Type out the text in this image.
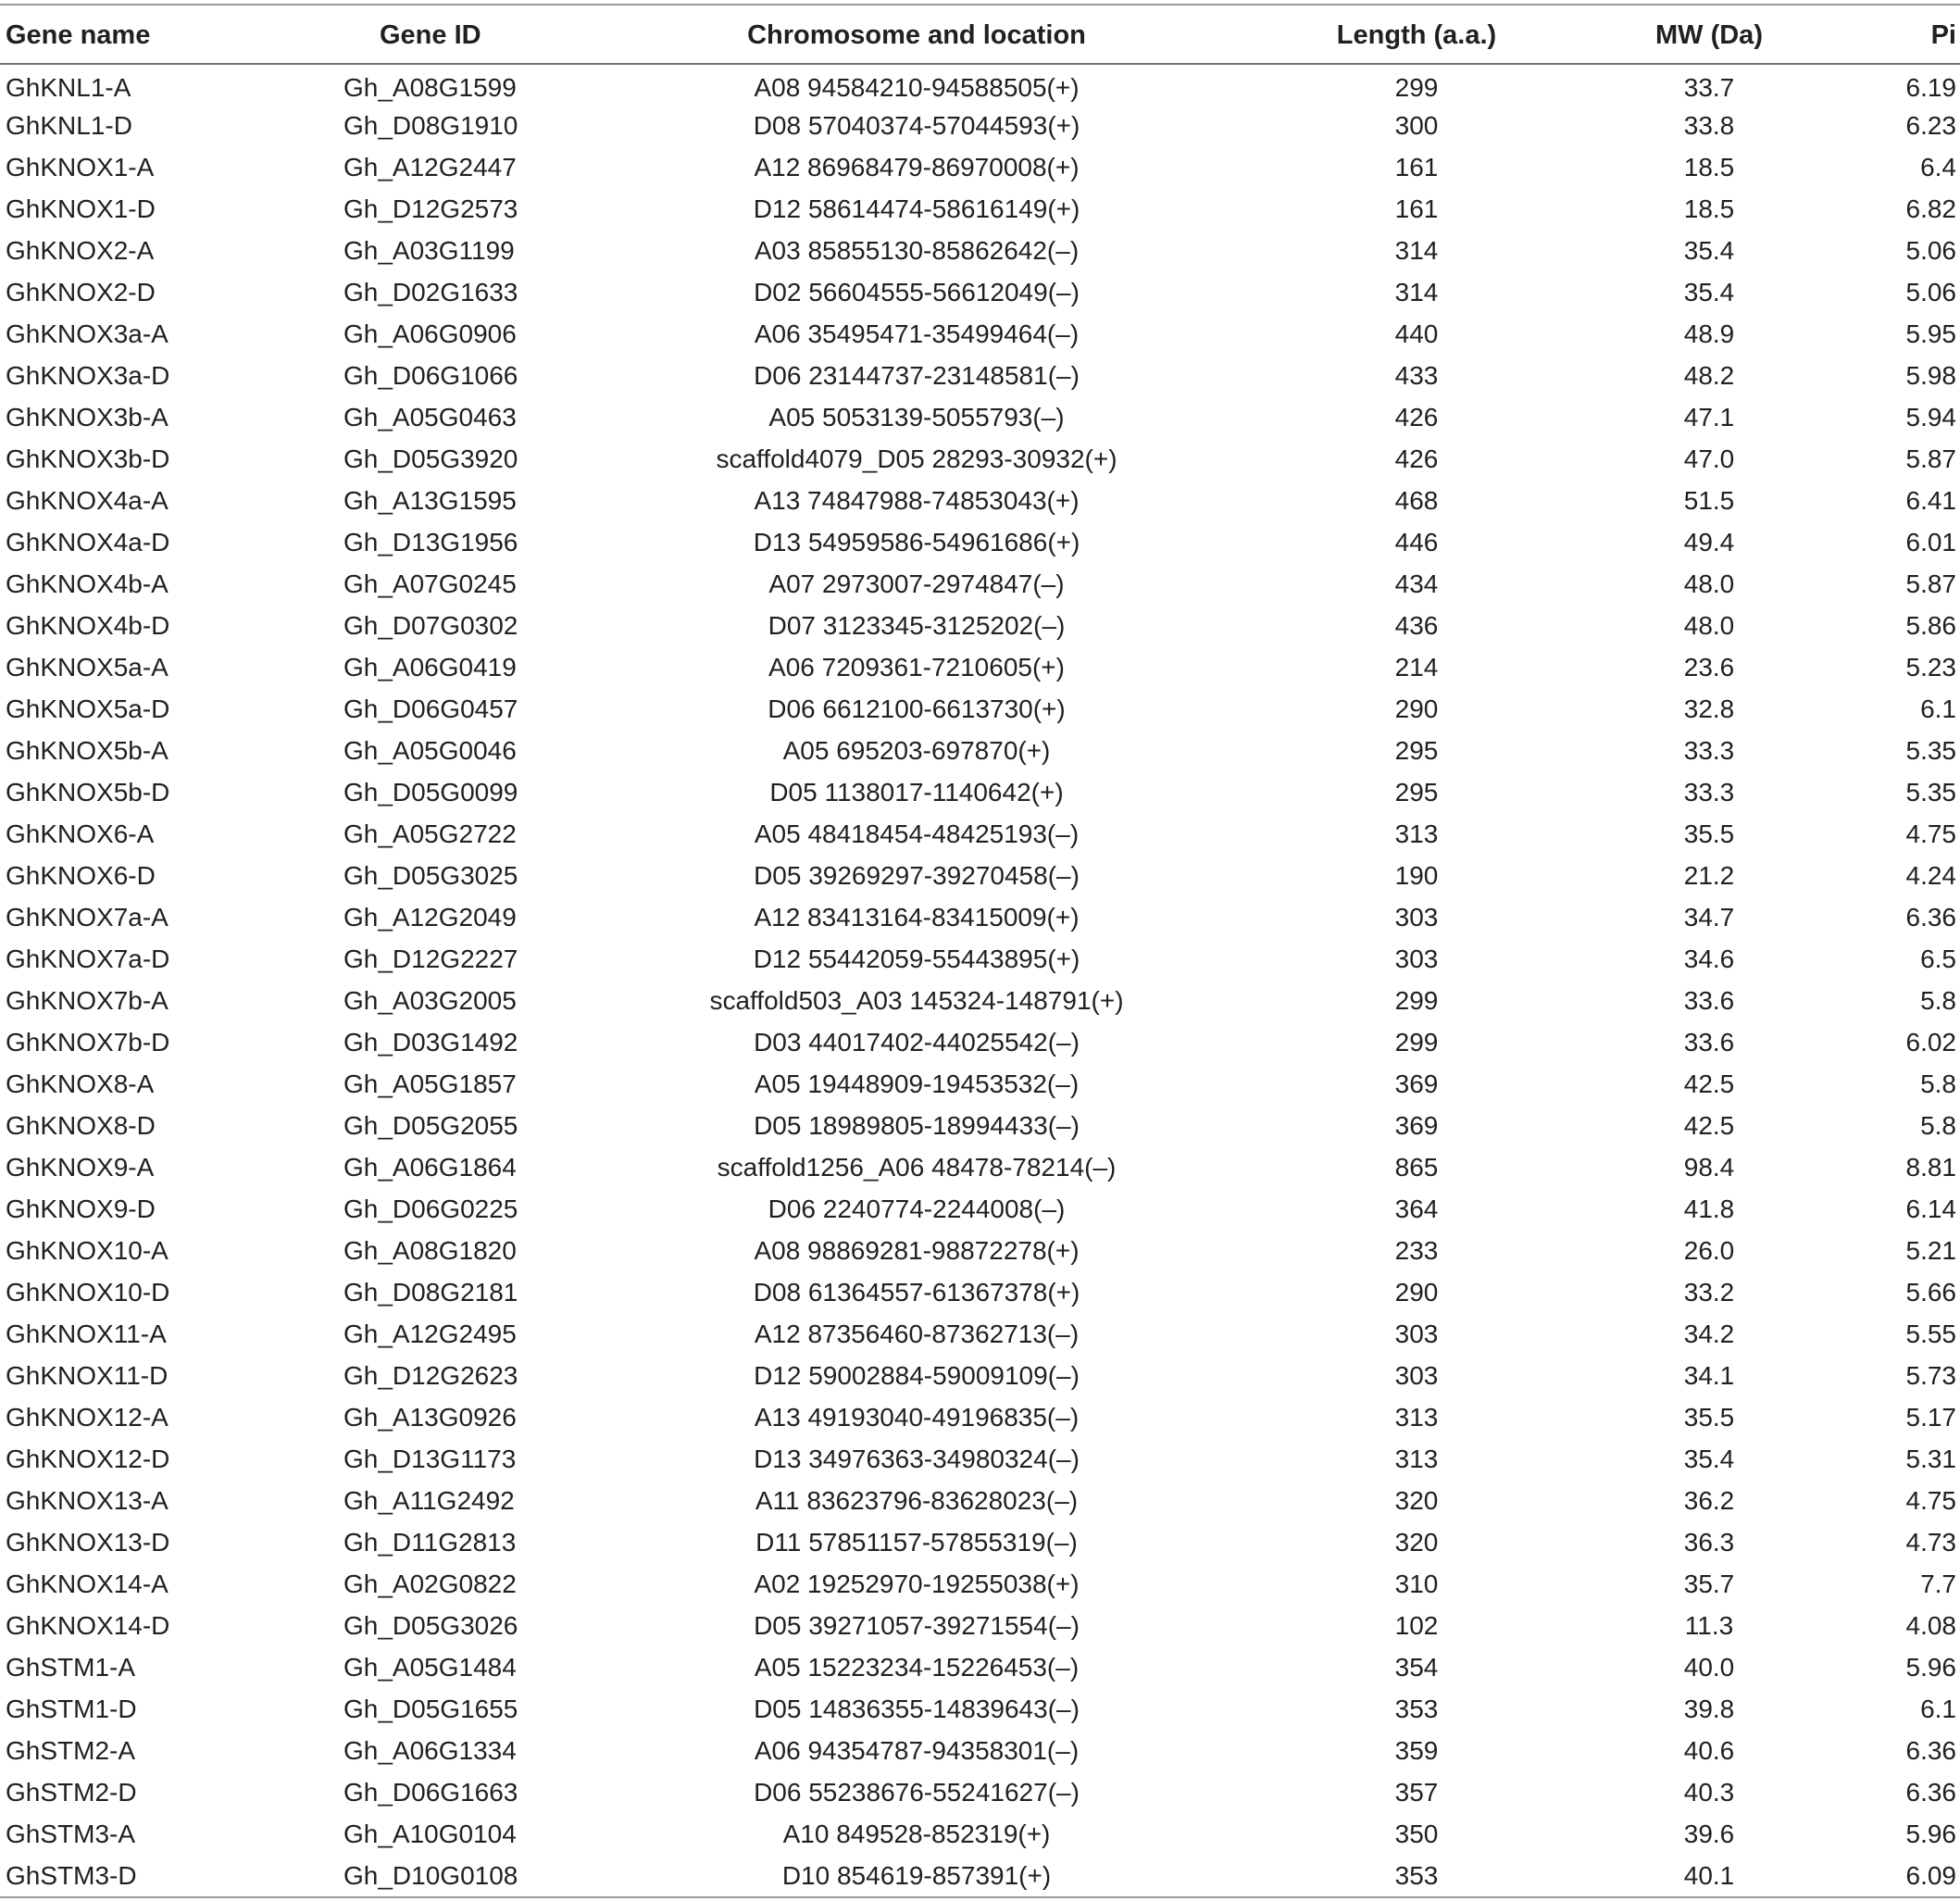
Gene name	Gene ID	Chromosome and location	Length (a.a.)	MW (Da)	Pi
GhKNL1-A	Gh_A08G1599	A08 94584210-94588505(+)	299	33.7	6.19
GhKNL1-D	Gh_D08G1910	D08 57040374-57044593(+)	300	33.8	6.23
GhKNOX1-A	Gh_A12G2447	A12 86968479-86970008(+)	161	18.5	6.4
GhKNOX1-D	Gh_D12G2573	D12 58614474-58616149(+)	161	18.5	6.82
GhKNOX2-A	Gh_A03G1199	A03 85855130-85862642(–)	314	35.4	5.06
GhKNOX2-D	Gh_D02G1633	D02 56604555-56612049(–)	314	35.4	5.06
GhKNOX3a-A	Gh_A06G0906	A06 35495471-35499464(–)	440	48.9	5.95
GhKNOX3a-D	Gh_D06G1066	D06 23144737-23148581(–)	433	48.2	5.98
GhKNOX3b-A	Gh_A05G0463	A05 5053139-5055793(–)	426	47.1	5.94
GhKNOX3b-D	Gh_D05G3920	scaffold4079_D05 28293-30932(+)	426	47.0	5.87
GhKNOX4a-A	Gh_A13G1595	A13 74847988-74853043(+)	468	51.5	6.41
GhKNOX4a-D	Gh_D13G1956	D13 54959586-54961686(+)	446	49.4	6.01
GhKNOX4b-A	Gh_A07G0245	A07 2973007-2974847(–)	434	48.0	5.87
GhKNOX4b-D	Gh_D07G0302	D07 3123345-3125202(–)	436	48.0	5.86
GhKNOX5a-A	Gh_A06G0419	A06 7209361-7210605(+)	214	23.6	5.23
GhKNOX5a-D	Gh_D06G0457	D06 6612100-6613730(+)	290	32.8	6.1
GhKNOX5b-A	Gh_A05G0046	A05 695203-697870(+)	295	33.3	5.35
GhKNOX5b-D	Gh_D05G0099	D05 1138017-1140642(+)	295	33.3	5.35
GhKNOX6-A	Gh_A05G2722	A05 48418454-48425193(–)	313	35.5	4.75
GhKNOX6-D	Gh_D05G3025	D05 39269297-39270458(–)	190	21.2	4.24
GhKNOX7a-A	Gh_A12G2049	A12 83413164-83415009(+)	303	34.7	6.36
GhKNOX7a-D	Gh_D12G2227	D12 55442059-55443895(+)	303	34.6	6.5
GhKNOX7b-A	Gh_A03G2005	scaffold503_A03 145324-148791(+)	299	33.6	5.8
GhKNOX7b-D	Gh_D03G1492	D03 44017402-44025542(–)	299	33.6	6.02
GhKNOX8-A	Gh_A05G1857	A05 19448909-19453532(–)	369	42.5	5.8
GhKNOX8-D	Gh_D05G2055	D05 18989805-18994433(–)	369	42.5	5.8
GhKNOX9-A	Gh_A06G1864	scaffold1256_A06 48478-78214(–)	865	98.4	8.81
GhKNOX9-D	Gh_D06G0225	D06 2240774-2244008(–)	364	41.8	6.14
GhKNOX10-A	Gh_A08G1820	A08 98869281-98872278(+)	233	26.0	5.21
GhKNOX10-D	Gh_D08G2181	D08 61364557-61367378(+)	290	33.2	5.66
GhKNOX11-A	Gh_A12G2495	A12 87356460-87362713(–)	303	34.2	5.55
GhKNOX11-D	Gh_D12G2623	D12 59002884-59009109(–)	303	34.1	5.73
GhKNOX12-A	Gh_A13G0926	A13 49193040-49196835(–)	313	35.5	5.17
GhKNOX12-D	Gh_D13G1173	D13 34976363-34980324(–)	313	35.4	5.31
GhKNOX13-A	Gh_A11G2492	A11 83623796-83628023(–)	320	36.2	4.75
GhKNOX13-D	Gh_D11G2813	D11 57851157-57855319(–)	320	36.3	4.73
GhKNOX14-A	Gh_A02G0822	A02 19252970-19255038(+)	310	35.7	7.7
GhKNOX14-D	Gh_D05G3026	D05 39271057-39271554(–)	102	11.3	4.08
GhSTM1-A	Gh_A05G1484	A05 15223234-15226453(–)	354	40.0	5.96
GhSTM1-D	Gh_D05G1655	D05 14836355-14839643(–)	353	39.8	6.1
GhSTM2-A	Gh_A06G1334	A06 94354787-94358301(–)	359	40.6	6.36
GhSTM2-D	Gh_D06G1663	D06 55238676-55241627(–)	357	40.3	6.36
GhSTM3-A	Gh_A10G0104	A10 849528-852319(+)	350	39.6	5.96
GhSTM3-D	Gh_D10G0108	D10 854619-857391(+)	353	40.1	6.09
